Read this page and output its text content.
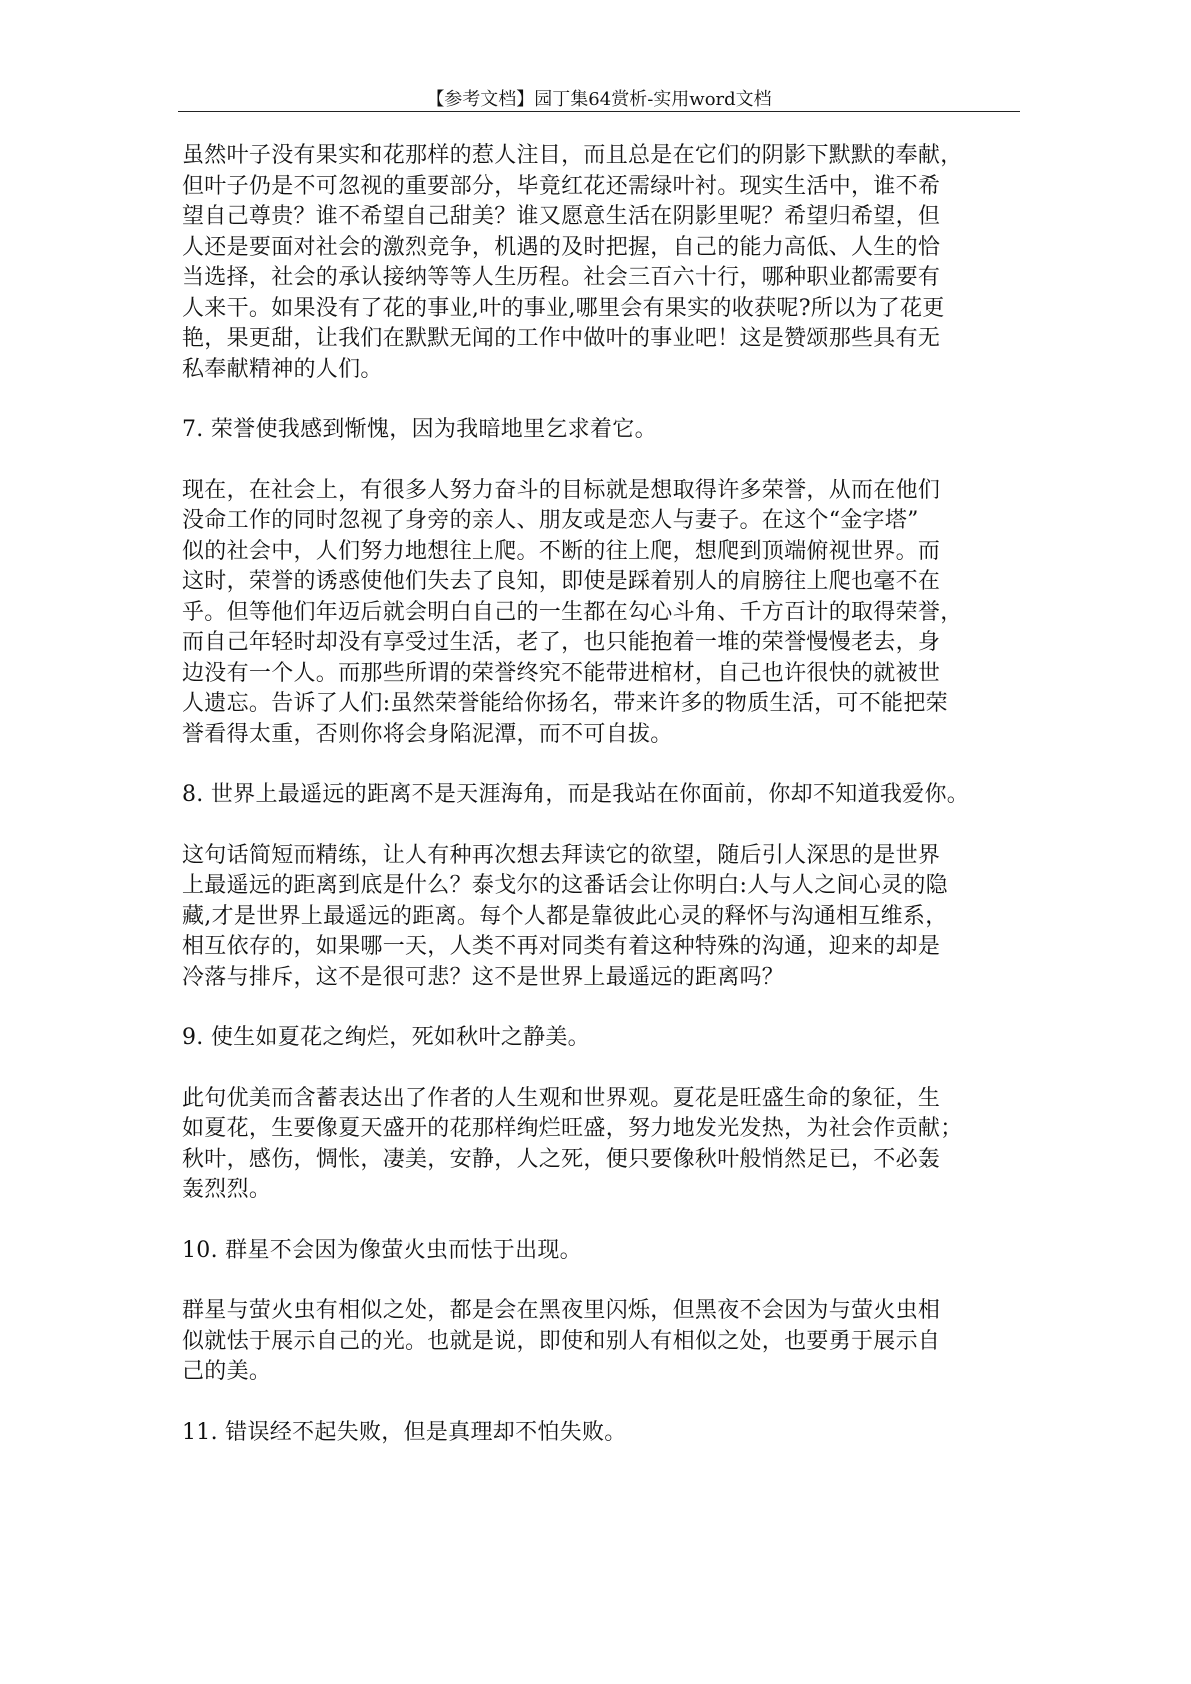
【参考文档】园丁集64赏析-实用word文档

虽然叶子没有果实和花那样的惹人注目，而且总是在它们的阴影下默默的奉献，
但叶子仍是不可忽视的重要部分，毕竟红花还需绿叶衬。现实生活中，谁不希
望自己尊贵？谁不希望自己甜美？谁又愿意生活在阴影里呢？希望归希望，但
人还是要面对社会的激烈竞争，机遇的及时把握，自己的能力高低、人生的恰
当选择，社会的承认接纳等等人生历程。社会三百六十行，哪种职业都需要有
人来干。如果没有了花的事业,叶的事业,哪里会有果实的收获呢?所以为了花更
艳，果更甜，让我们在默默无闻的工作中做叶的事业吧！这是赞颂那些具有无
私奉献精神的人们。

7. 荣誉使我感到惭愧，因为我暗地里乞求着它。

现在，在社会上，有很多人努力奋斗的目标就是想取得许多荣誉，从而在他们
没命工作的同时忽视了身旁的亲人、朋友或是恋人与妻子。在这个“金字塔”
似的社会中，人们努力地想往上爬。不断的往上爬，想爬到顶端俯视世界。而
这时，荣誉的诱惑使他们失去了良知，即使是踩着别人的肩膀往上爬也毫不在
乎。但等他们年迈后就会明白自己的一生都在勾心斗角、千方百计的取得荣誉，
而自己年轻时却没有享受过生活，老了，也只能抱着一堆的荣誉慢慢老去，身
边没有一个人。而那些所谓的荣誉终究不能带进棺材，自己也许很快的就被世
人遗忘。告诉了人们:虽然荣誉能给你扬名，带来许多的物质生活，可不能把荣
誉看得太重，否则你将会身陷泥潭，而不可自拔。

8. 世界上最遥远的距离不是天涯海角，而是我站在你面前，你却不知道我爱你。

这句话简短而精练，让人有种再次想去拜读它的欲望，随后引人深思的是世界
上最遥远的距离到底是什么？泰戈尔的这番话会让你明白:人与人之间心灵的隐
藏,才是世界上最遥远的距离。每个人都是靠彼此心灵的释怀与沟通相互维系，
相互依存的，如果哪一天，人类不再对同类有着这种特殊的沟通，迎来的却是
冷落与排斥，这不是很可悲？这不是世界上最遥远的距离吗？

9. 使生如夏花之绚烂，死如秋叶之静美。

此句优美而含蓄表达出了作者的人生观和世界观。夏花是旺盛生命的象征，生
如夏花，生要像夏天盛开的花那样绚烂旺盛，努力地发光发热，为社会作贡献；
秋叶，感伤，惆怅，凄美，安静，人之死，便只要像秋叶般悄然足已，不必轰
轰烈烈。

10. 群星不会因为像萤火虫而怯于出现。

群星与萤火虫有相似之处，都是会在黑夜里闪烁，但黑夜不会因为与萤火虫相
似就怯于展示自己的光。也就是说，即使和别人有相似之处，也要勇于展示自
己的美。

11. 错误经不起失败，但是真理却不怕失败。
